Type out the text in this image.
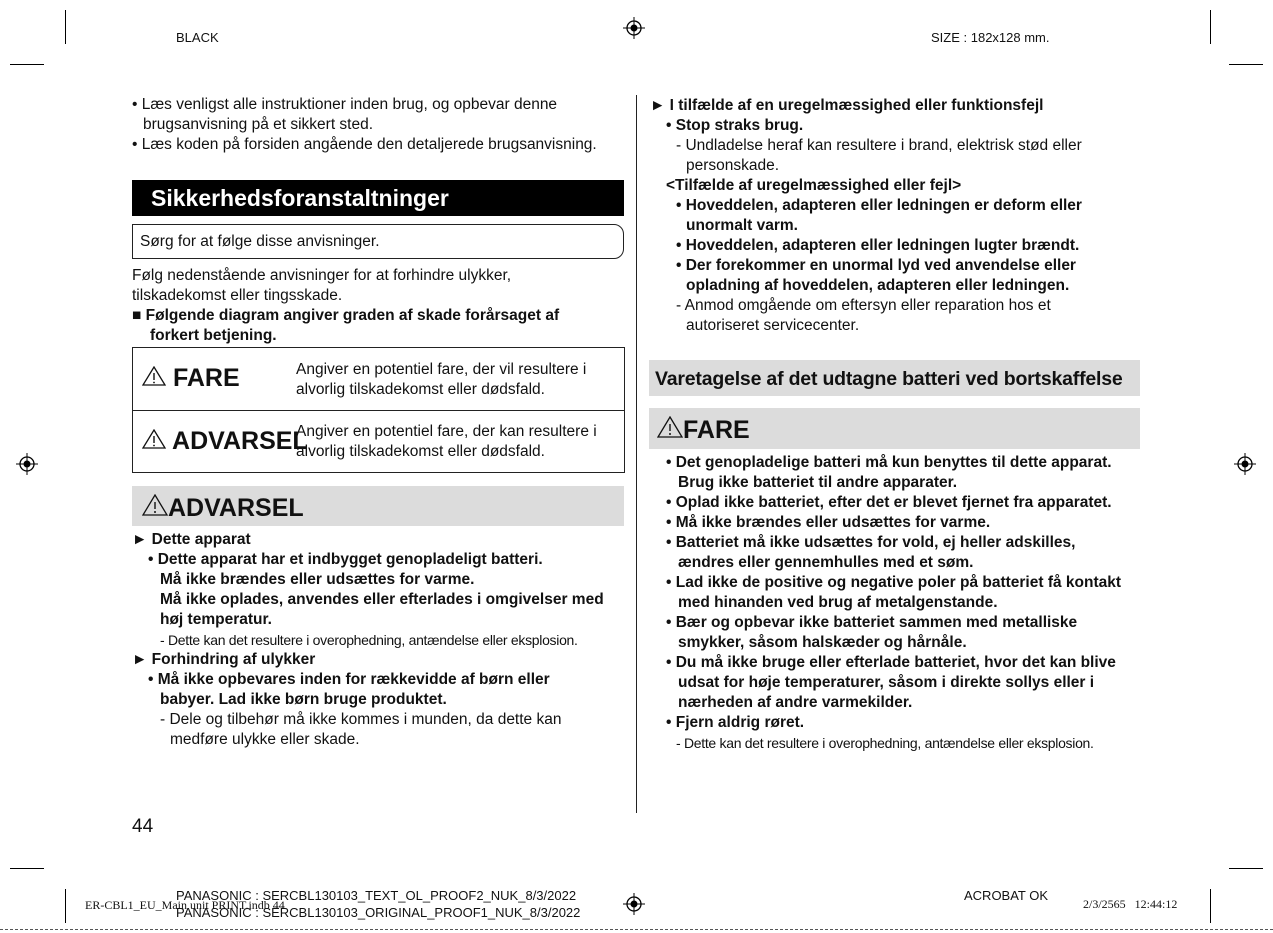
BLACK	SIZE : 182x128 mm.
• Læs venligst alle instruktioner inden brug, og opbevar denne
brugsanvisning på et sikkert sted.
• Læs koden på forsiden angående den detaljerede brugsanvisning.
Sikkerhedsforanstaltninger
Sørg for at følge disse anvisninger.
Følg nedenstående anvisninger for at forhindre ulykker,
tilskadekomst eller tingsskade.
■ Følgende diagram angiver graden af skade forårsaget af
forkert betjening.
FARE	Angiver en potentiel fare, der vil resultere i
alvorlig tilskadekomst eller dødsfald.
ADVARSEL
Angiver en potentiel fare, der kan resultere i
alvorlig tilskadekomst eller dødsfald.
ADVARSEL
► Dette apparat
• Dette apparat har et indbygget genopladeligt batteri.
Må ikke brændes eller udsættes for varme.
Må ikke oplades, anvendes eller efterlades i omgivelser med
høj temperatur.
- Dette kan det resultere i overophedning, antændelse eller eksplosion.
► Forhindring af ulykker
• Må ikke opbevares inden for rækkevidde af børn eller
babyer. Lad ikke børn bruge produktet.
- Dele og tilbehør må ikke kommes i munden, da dette kan
medføre ulykke eller skade.
44
► I tilfælde af en uregelmæssighed eller funktionsfejl
• Stop straks brug.
- Undladelse heraf kan resultere i brand, elektrisk stød eller
personskade.
<Tilfælde af uregelmæssighed eller fejl>
• Hoveddelen, adapteren eller ledningen er deform eller
unormalt varm.
• Hoveddelen, adapteren eller ledningen lugter brændt.
• Der forekommer en unormal lyd ved anvendelse eller
opladning af hoveddelen, adapteren eller ledningen.
- Anmod omgående om eftersyn eller reparation hos et
autoriseret servicecenter.
Varetagelse af det udtagne batteri ved bortskaffelse
FARE
• Det genopladelige batteri må kun benyttes til dette apparat.
Brug ikke batteriet til andre apparater.
• Oplad ikke batteriet, efter det er blevet fjernet fra apparatet.
• Må ikke brændes eller udsættes for varme.
• Batteriet må ikke udsættes for vold, ej heller adskilles,
ændres eller gennemhulles med et søm.
• Lad ikke de positive og negative poler på batteriet få kontakt
med hinanden ved brug af metalgenstande.
• Bær og opbevar ikke batteriet sammen med metalliske
smykker, såsom halskæder og hårnåle.
• Du må ikke bruge eller efterlade batteriet, hvor det kan blive
udsat for høje temperaturer, såsom i direkte sollys eller i
nærheden af andre varmekilder.
• Fjern aldrig røret.
- Dette kan det resultere i overophedning, antændelse eller eksplosion.
ER-CBL1_EU_Main unit PRINT.indb 44
PANASONIC : SERCBL130103_TEXT_OL_PROOF2_NUK_8/3/2022
PANASONIC : SERCBL130103_ORIGINAL_PROOF1_NUK_8/3/2022
ACROBAT OK
2/3/2565   12:44:12
